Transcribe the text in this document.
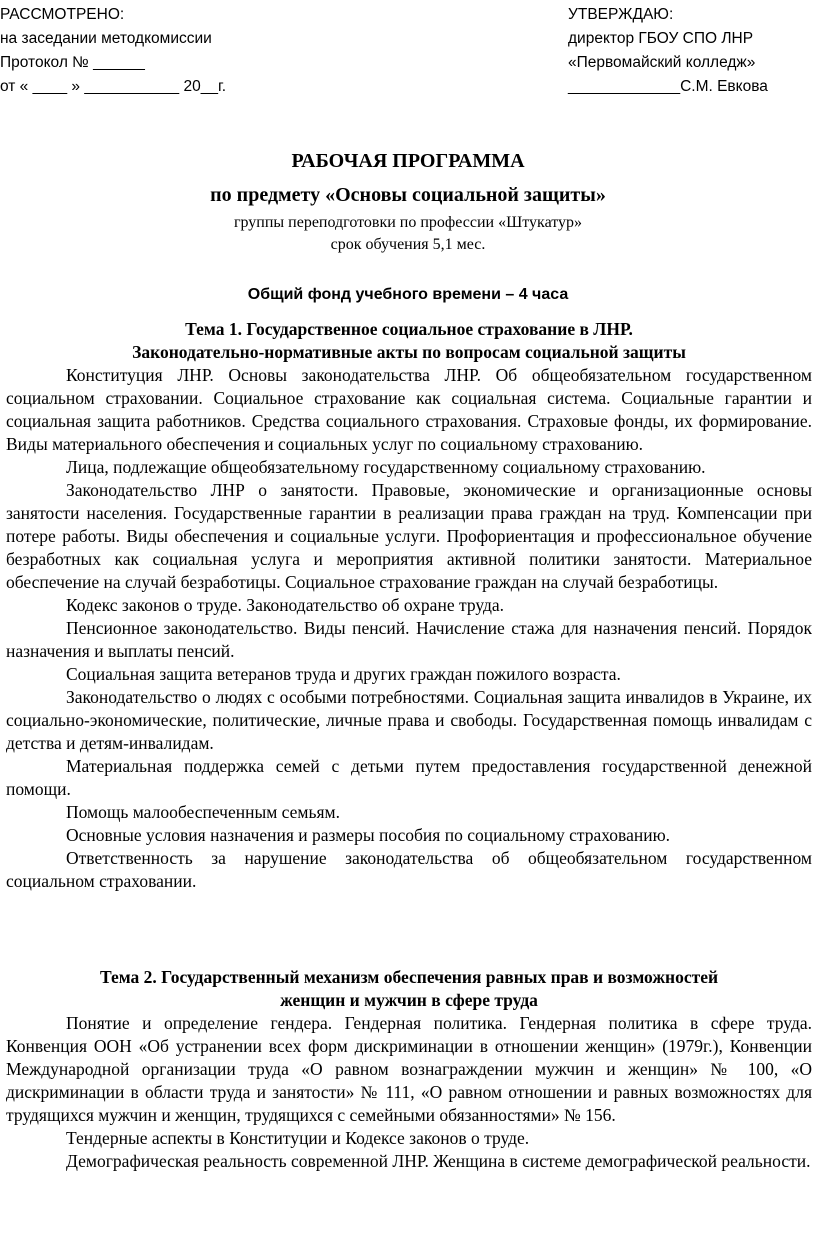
РАССМОТРЕНО:
на заседании методкомиссии
Протокол № ______
от « ____ » ___________ 20__г.
УТВЕРЖДАЮ:
директор ГБОУ СПО ЛНР
«Первомайский колледж»
_____________С.М. Евкова
РАБОЧАЯ ПРОГРАММА
по предмету «Основы социальной защиты»
группы переподготовки по профессии «Штукатур»
срок обучения 5,1 мес.
Общий фонд учебного времени – 4 часа
Тема 1. Государственное социальное страхование в ЛНР.
Законодательно-нормативные акты по вопросам социальной защиты

Конституция ЛНР. Основы законодательства ЛНР. Об общеобязательном государственном социальном страховании. Социальное страхование как социальная система. Социальные гарантии и социальная защита работников. Средства социального страхования. Страховые фонды, их формирование. Виды материального обеспечения и социальных услуг по социальному страхованию.

Лица, подлежащие общеобязательному государственному социальному страхованию.

Законодательство ЛНР о занятости. Правовые, экономические и организационные основы занятости населения. Государственные гарантии в реализации права граждан на труд. Компенсации при потере работы. Виды обеспечения и социальные услуги. Профориентация и профессиональное обучение безработных как социальная услуга и мероприятия активной политики занятости. Материальное обеспечение на случай безработицы. Социальное страхование граждан на случай безработицы.

Кодекс законов о труде. Законодательство об охране труда.

Пенсионное законодательство. Виды пенсий. Начисление стажа для назначения пенсий. Порядок назначения и выплаты пенсий.

Социальная защита ветеранов труда и других граждан пожилого возраста.

Законодательство о людях с особыми потребностями. Социальная защита инвалидов в Украине, их социально-экономические, политические, личные права и свободы. Государственная помощь инвалидам с детства и детям-инвалидам.

Материальная поддержка семей с детьми путем предоставления государственной денежной помощи.

Помощь малообеспеченным семьям.

Основные условия назначения и размеры пособия по социальному страхованию.

Ответственность за нарушение законодательства об общеобязательном государственном социальном страховании.

Тема 2. Государственный механизм обеспечения равных прав и возможностей
женщин и мужчин в сфере труда

Понятие и определение гендера. Гендерная политика. Гендерная политика в сфере труда. Конвенция ООН «Об устранении всех форм дискриминации в отношении женщин» (1979г.), Конвенции Международной организации труда «О равном вознаграждении мужчин и женщин» № 100, «О дискриминации в области труда и занятости» № 111, «О равном отношении и равных возможностях для трудящихся мужчин и женщин, трудящихся с семейными обязанностями» № 156.

Тендерные аспекты в Конституции и Кодексе законов о труде.

Демографическая реальность современной ЛНР. Женщина в системе демографической реальности.
